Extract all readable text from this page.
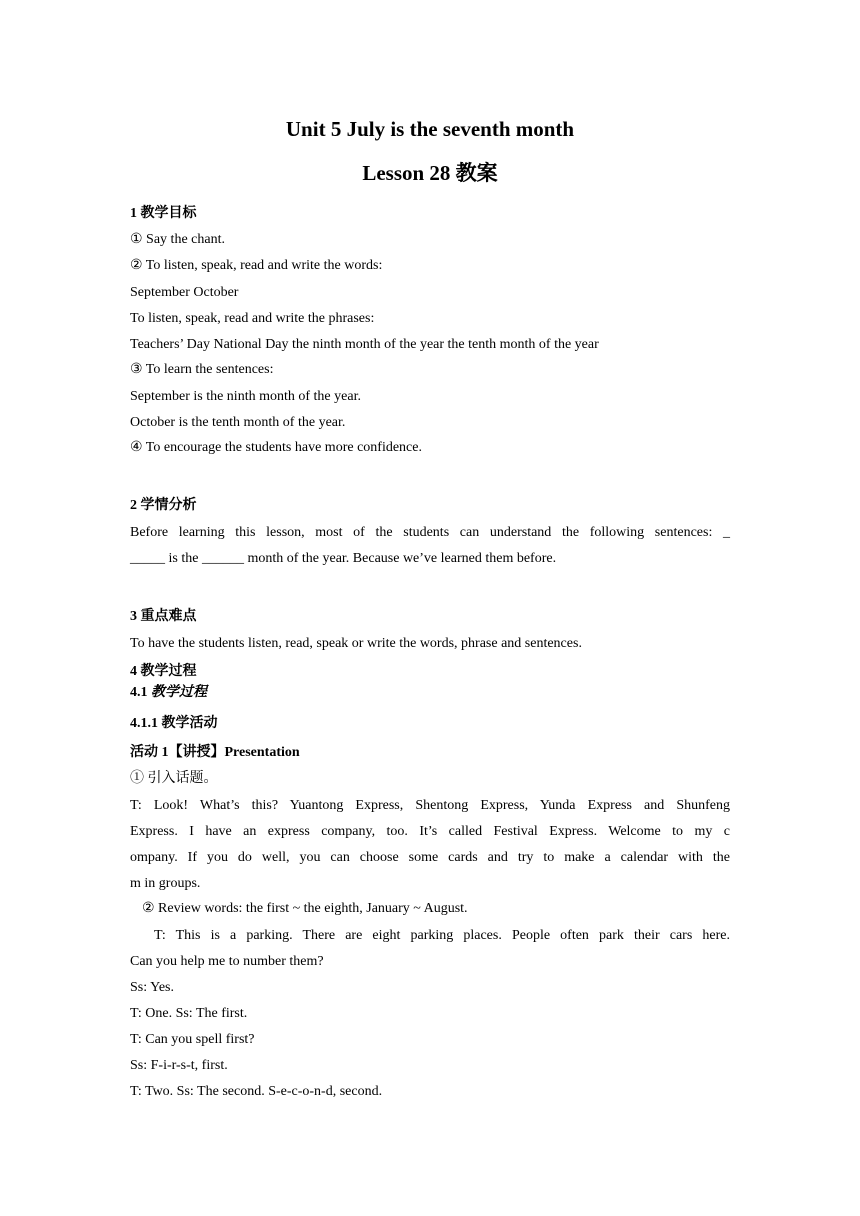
Unit 5 July is the seventh month
Lesson 28 教案
1 教学目标
① Say the chant.
② To listen, speak, read and write the words:
September October
To listen, speak, read and write the phrases:
Teachers’ Day National Day the ninth month of the year the tenth month of the year
③ To learn the sentences:
September is the ninth month of the year.
October is the tenth month of the year.
④ To encourage the students have more confidence.
2 学情分析
Before learning this lesson, most of the students can understand the following sentences: _
_____ is the ______ month of the year. Because we’ve learned them before.
3 重点难点
To have the students listen, read, speak or write the words, phrase and sentences.
4 教学过程
4.1 教学过程
4.1.1 教学活动
活动 1【讲授】Presentation
① 引入话题。
T: Look! What’s this? Yuantong Express, Shentong Express, Yunda Express and Shunfeng
Express. I have an express company, too. It’s called Festival Express. Welcome to my c
ompany. If you do well, you can choose some cards and try to make a calendar with the
m in groups.
② Review words: the first ~ the eighth, January ~ August.
T: This is a parking. There are eight parking places. People often park their cars here.
Can you help me to number them?
Ss: Yes.
T: One. Ss: The first.
T: Can you spell first?
Ss: F-i-r-s-t, first.
T: Two. Ss: The second. S-e-c-o-n-d, second.
